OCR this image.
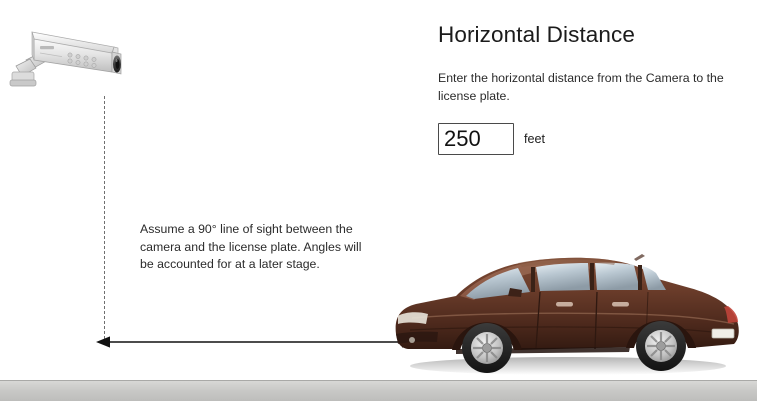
Assume a 90° line of sight between the camera and the license plate. Angles will be accounted for at a later stage.
Horizontal Distance

Enter the horizontal distance from the Camera to the license plate.

250
feet
